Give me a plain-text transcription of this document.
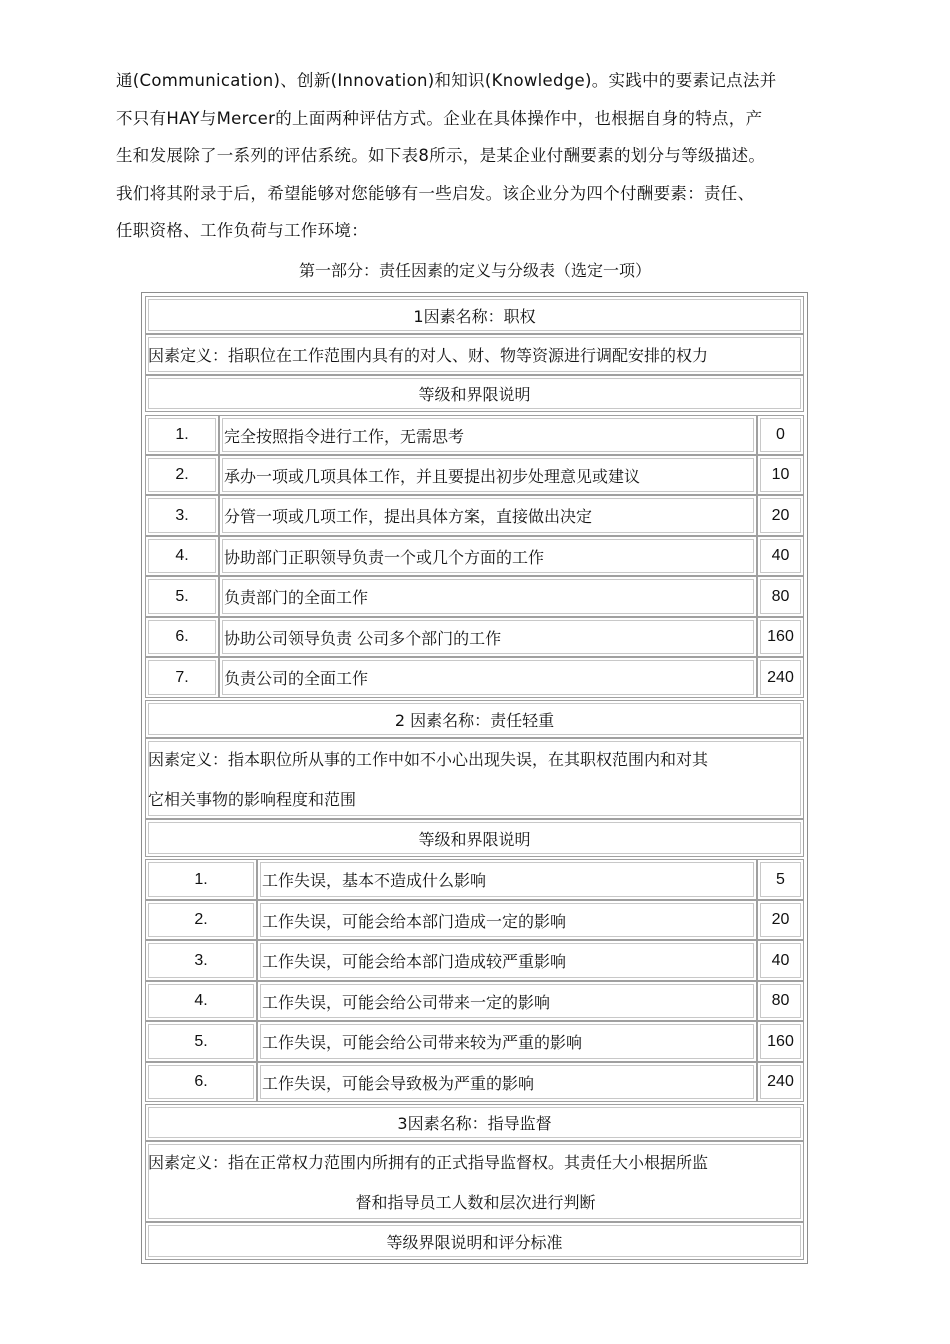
通(Communication)、创新(Innovation)和知识(Knowledge)。实践中的要素记点法并
不只有HAY与Mercer的上面两种评估方式。企业在具体操作中，也根据自身的特点，产
生和发展除了一系列的评估系统。如下表8所示，是某企业付酬要素的划分与等级描述。
我们将其附录于后，希望能够对您能够有一些启发。该企业分为四个付酬要素：责任、
任职资格、工作负荷与工作环境：
第一部分：责任因素的定义与分级表（选定一项）
1因素名称：职权
因素定义：指职位在工作范围内具有的对人、财、物等资源进行调配安排的权力
等级和界限说明
1.	完全按照指令进行工作，无需思考	0
2.	承办一项或几项具体工作，并且要提出初步处理意见或建议	10
3.	分管一项或几项工作，提出具体方案，直接做出决定	20
4.	协助部门正职领导负责一个或几个方面的工作	40
5.	负责部门的全面工作	80
6.	协助公司领导负责 公司多个部门的工作	160
7.	负责公司的全面工作	240
2 因素名称：责任轻重
因素定义：指本职位所从事的工作中如不小心出现失误，在其职权范围内和对其
它相关事物的影响程度和范围
等级和界限说明
1.	工作失误，基本不造成什么影响	5
2.	工作失误，可能会给本部门造成一定的影响	20
3.	工作失误，可能会给本部门造成较严重影响	40
4.	工作失误，可能会给公司带来一定的影响	80
5.	工作失误，可能会给公司带来较为严重的影响	160
6.	工作失误，可能会导致极为严重的影响	240
3因素名称：指导监督
因素定义：指在正常权力范围内所拥有的正式指导监督权。其责任大小根据所监
督和指导员工人数和层次进行判断
等级界限说明和评分标准
